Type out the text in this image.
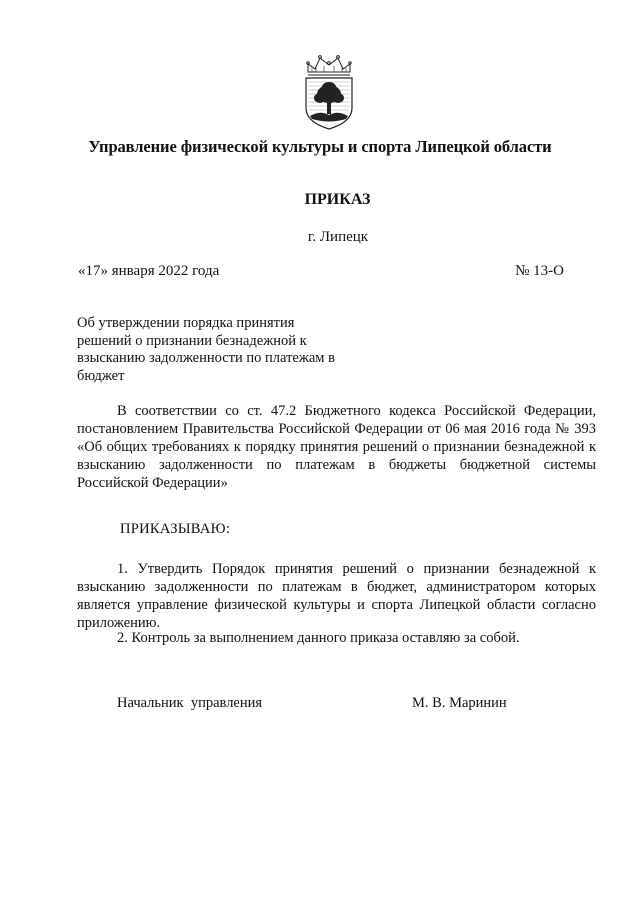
Управление физической культуры и спорта Липецкой области
ПРИКАЗ
г. Липецк
«17» января 2022 года	№ 13-О
Об утверждении порядка принятия
решений о признании безнадежной к
взысканию задолженности по платежам в
бюджет

В соответствии со ст. 47.2 Бюджетного кодекса Российской Федерации, постановлением Правительства Российской Федерации от 06 мая 2016 года № 393 «Об общих требованиях к порядку принятия решений о признании безнадежной к взысканию задолженности по платежам в бюджеты бюджетной системы Российской Федерации»

ПРИКАЗЫВАЮ:

1. Утвердить Порядок принятия решений о признании безнадежной к взысканию задолженности по платежам в бюджет, администратором которых является управление физической культуры и спорта Липецкой области согласно приложению.

2. Контроль за выполнением данного приказа оставляю за собой.

Начальник  управления	М. В. Маринин
